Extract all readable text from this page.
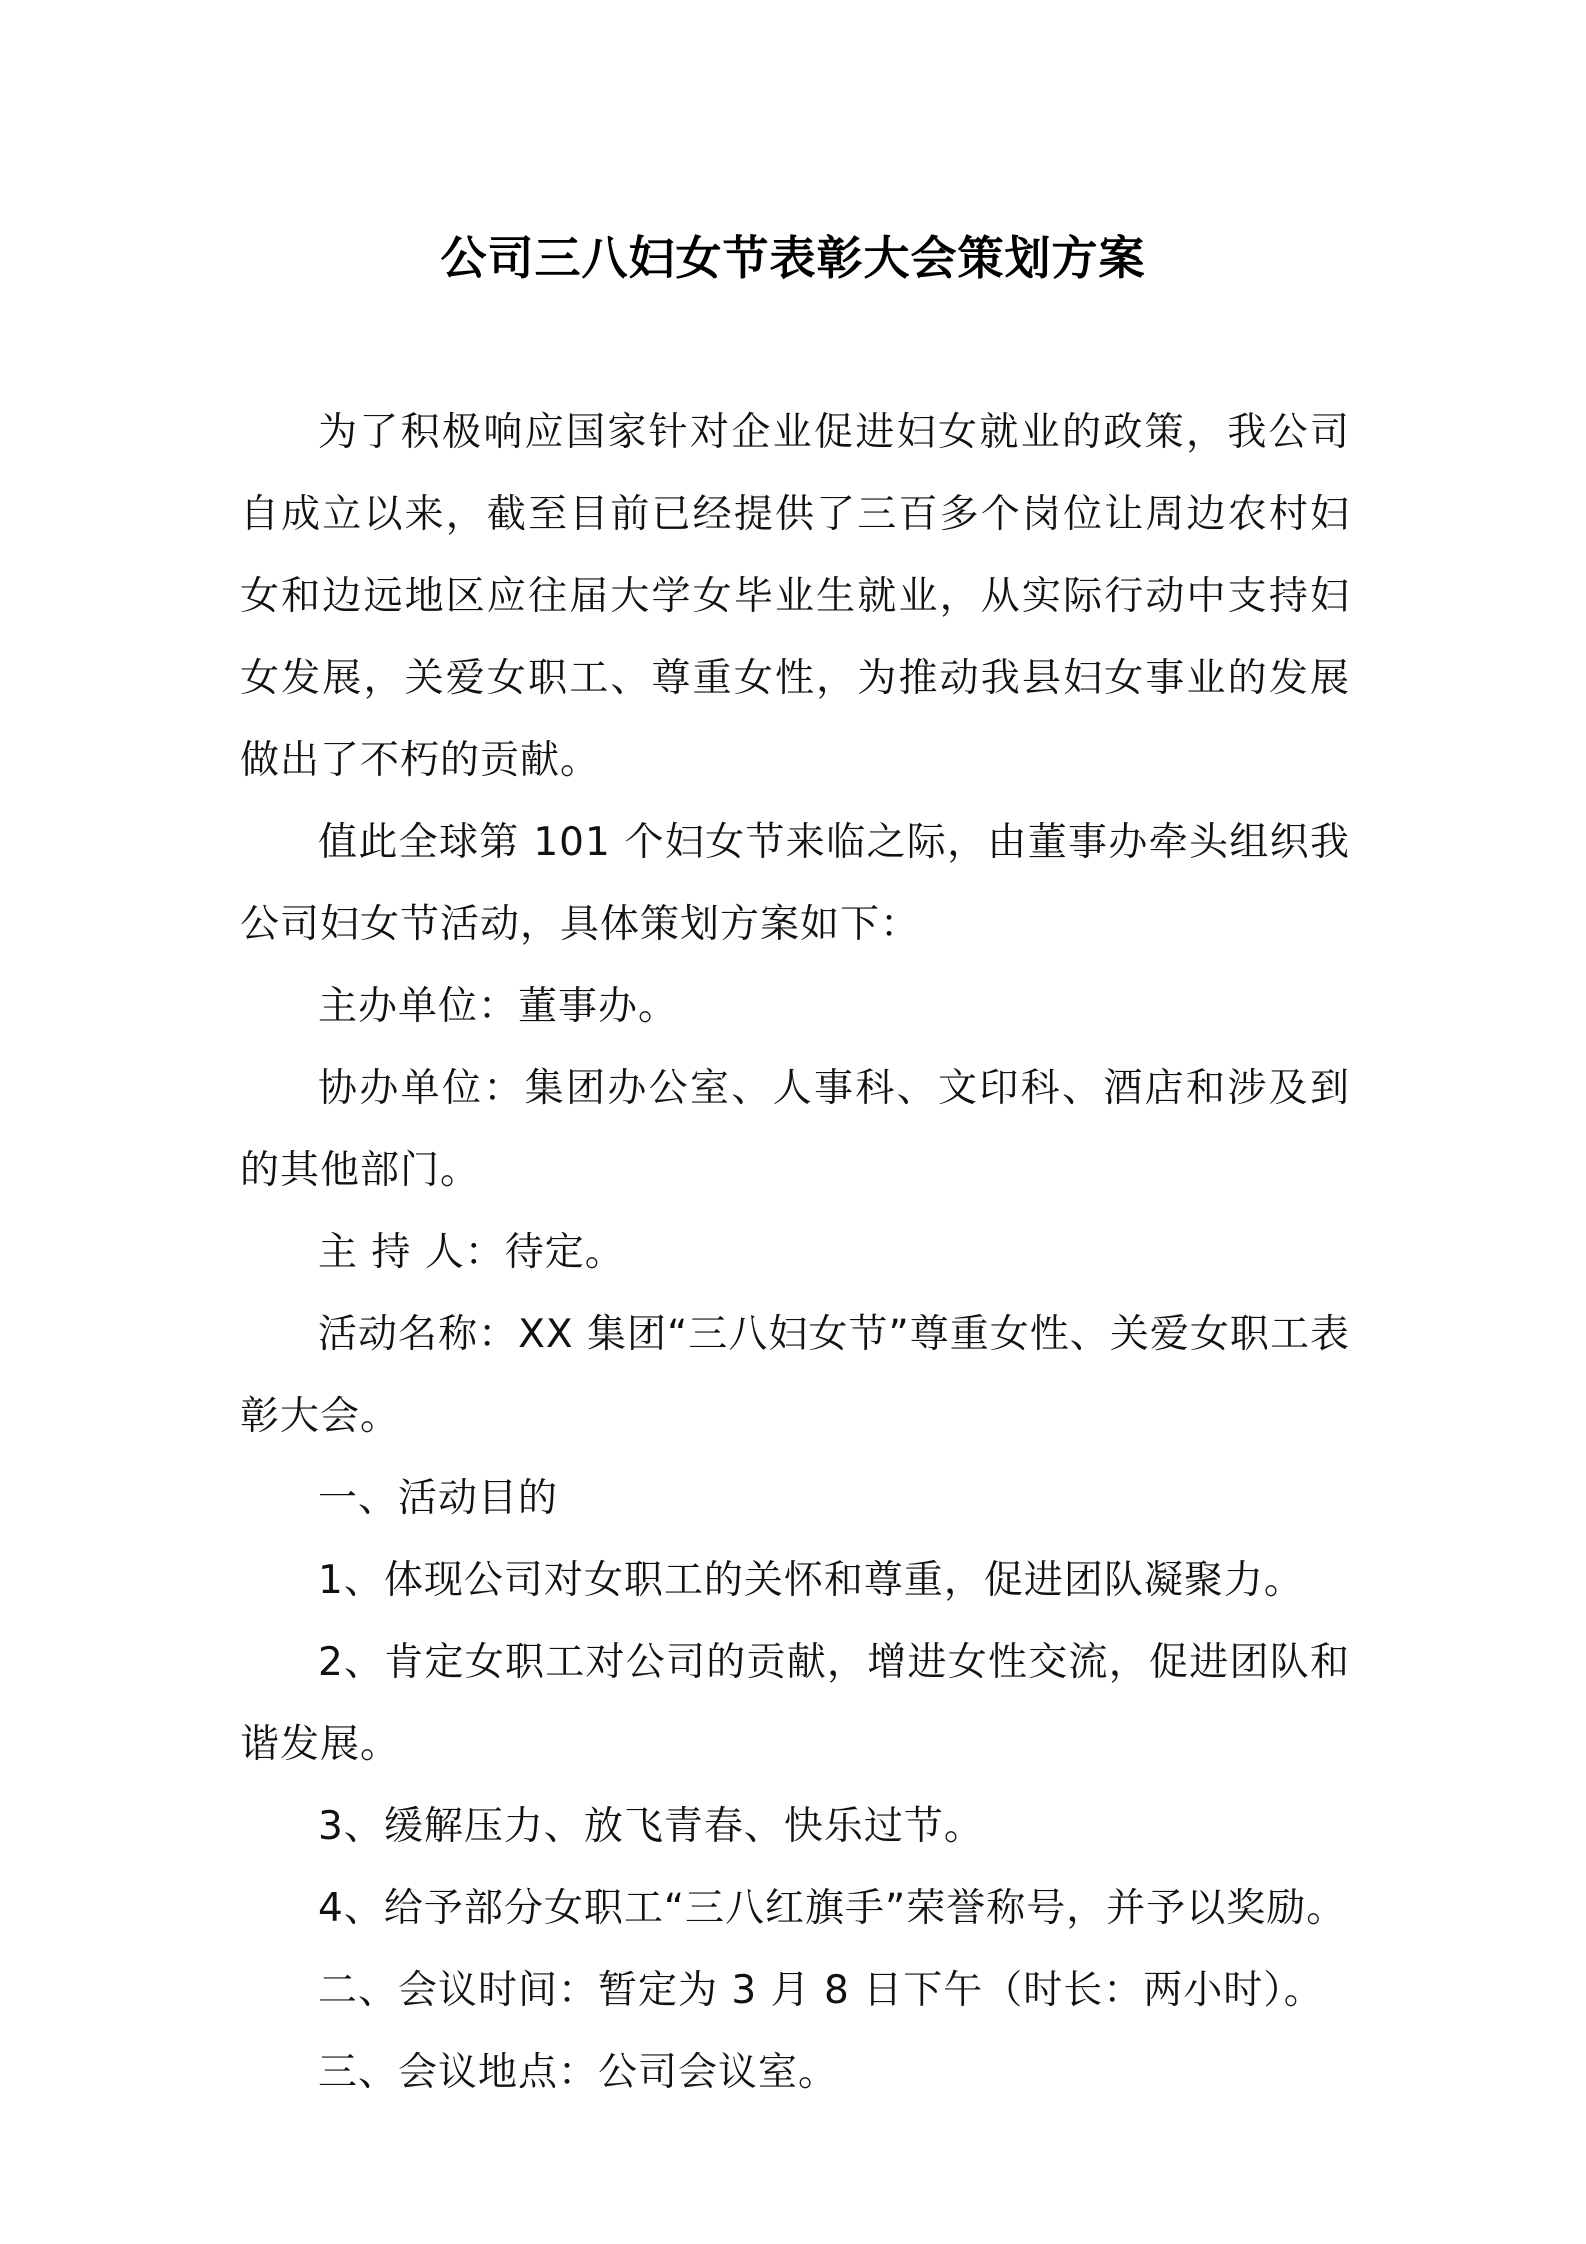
公司三八妇女节表彰大会策划方案

为了积极响应国家针对企业促进妇女就业的政策，我公司自成立以来，截至目前已经提供了三百多个岗位让周边农村妇女和边远地区应往届大学女毕业生就业，从实际行动中支持妇女发展，关爱女职工、尊重女性，为推动我县妇女事业的发展做出了不朽的贡献。

值此全球第 101 个妇女节来临之际，由董事办牵头组织我公司妇女节活动，具体策划方案如下：

主办单位：董事办。

协办单位：集团办公室、人事科、文印科、酒店和涉及到的其他部门。

主 持 人：待定。

活动名称：XX 集团“三八妇女节”尊重女性、关爱女职工表彰大会。

一、活动目的

1、体现公司对女职工的关怀和尊重，促进团队凝聚力。

2、肯定女职工对公司的贡献，增进女性交流，促进团队和谐发展。

3、缓解压力、放飞青春、快乐过节。

4、给予部分女职工“三八红旗手”荣誉称号，并予以奖励。

二、会议时间：暂定为 3 月 8 日下午（时长：两小时）。

三、会议地点：公司会议室。
